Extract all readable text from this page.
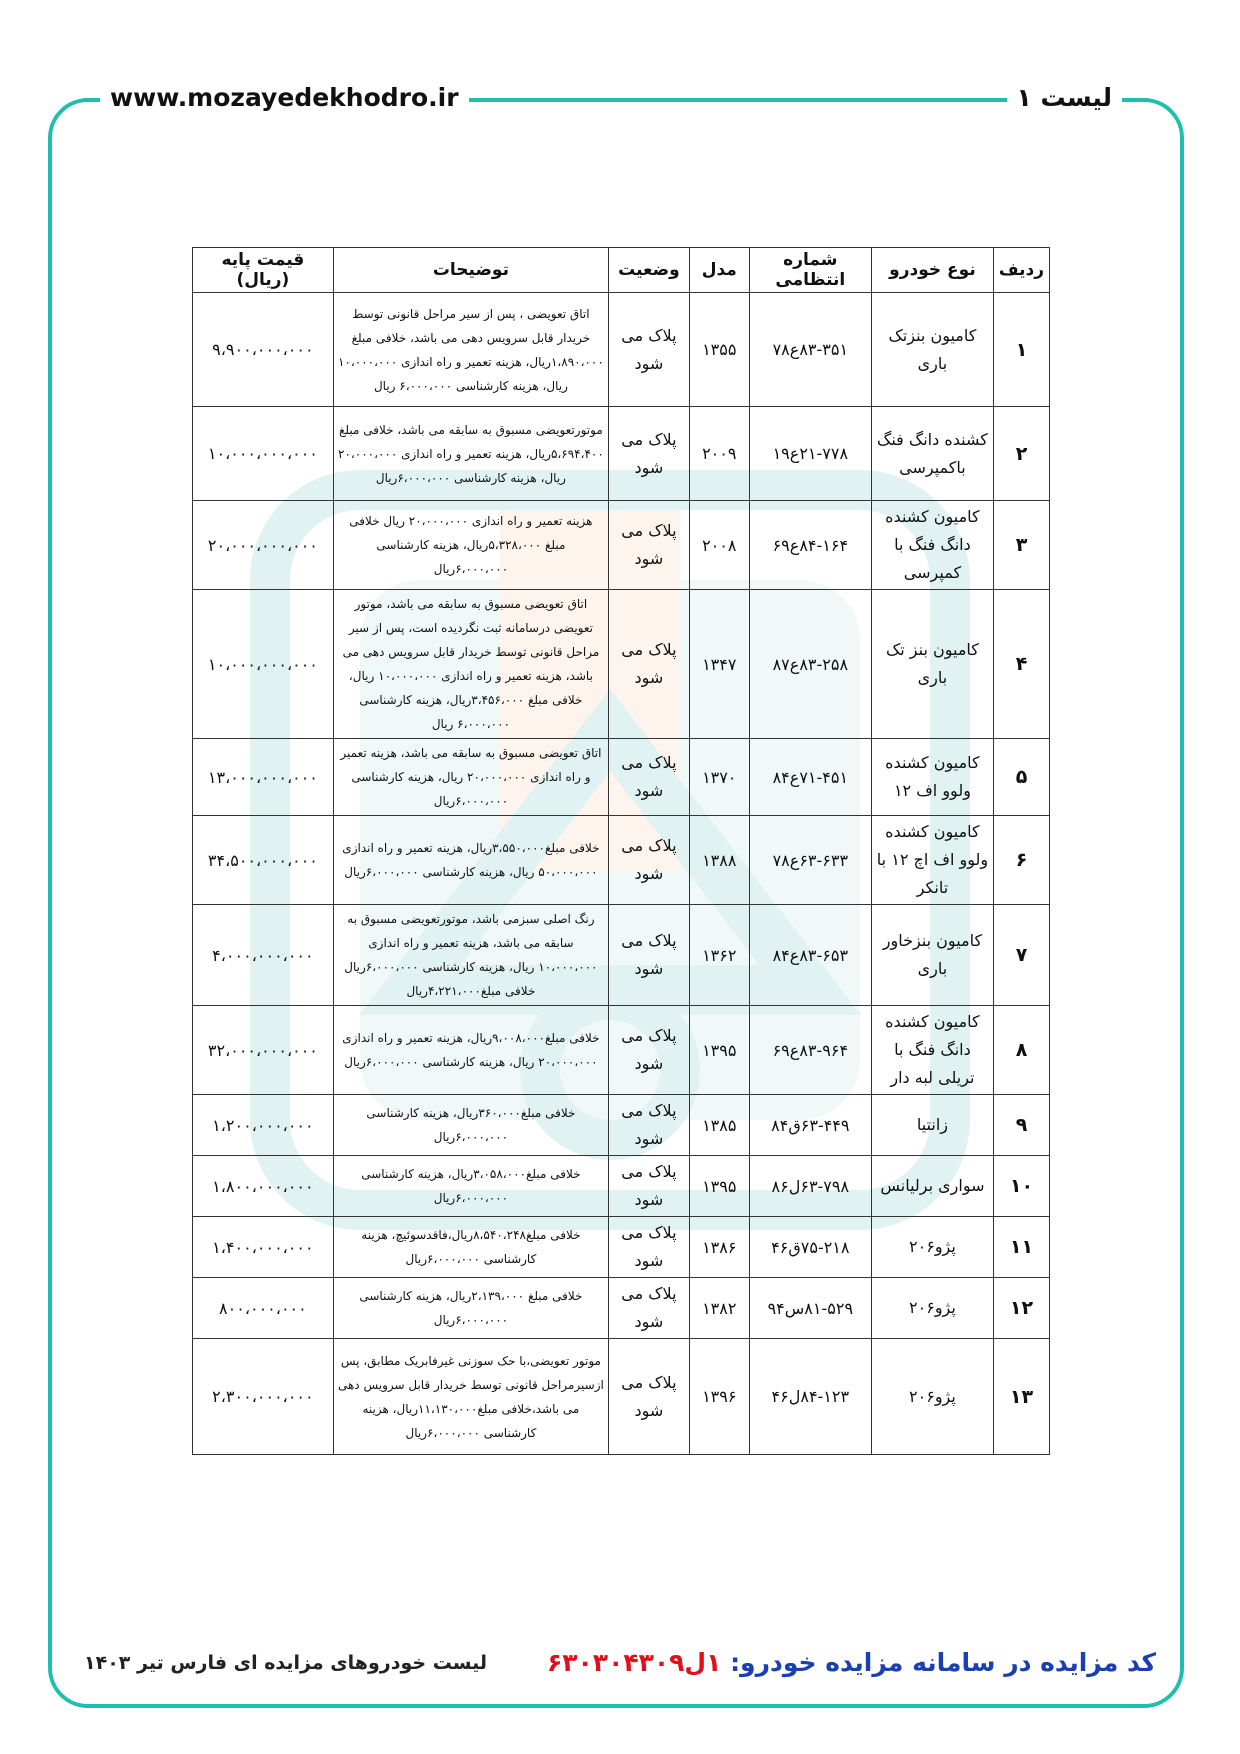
www.mozayedekhodro.ir	لیست ۱
ردیف	نوع خودرو	شماره انتظامی	مدل	وضعیت	توضیحات	قیمت پایه (ریال)
۱	کامیون بنزتک باری	۸۳-۳۵۱ع۷۸	۱۳۵۵	پلاک می شود	اتاق تعویضی ، پس از سیر مراحل قانونی توسط خریدار قابل سرویس دهی می باشد، خلافی مبلغ ۱،۸۹۰،۰۰۰ریال، هزینه تعمیر و راه اندازی ۱۰،۰۰۰،۰۰۰ ریال، هزینه کارشناسی ۶،۰۰۰،۰۰۰ ریال	۹،۹۰۰،۰۰۰،۰۰۰
۲	کشنده دانگ فنگ باکمپرسی	۲۱-۷۷۸ع۱۹	۲۰۰۹	پلاک می شود	موتورتعویضی مسبوق به سابقه می باشد، خلافی مبلغ ۵،۶۹۴،۴۰۰ریال، هزینه تعمیر و راه اندازی ۲۰،۰۰۰،۰۰۰ ریال، هزینه کارشناسی ۶،۰۰۰،۰۰۰ریال	۱۰،۰۰۰،۰۰۰،۰۰۰
۳	کامیون کشنده دانگ فنگ با کمپرسی	۸۴-۱۶۴ع۶۹	۲۰۰۸	پلاک می شود	هزینه تعمیر و راه اندازی ۲۰،۰۰۰،۰۰۰ ریال خلافی مبلغ ۵،۳۲۸،۰۰۰ریال، هزینه کارشناسی ۶،۰۰۰،۰۰۰ریال	۲۰،۰۰۰،۰۰۰،۰۰۰
۴	کامیون بنز تک باری	۸۳-۲۵۸ع۸۷	۱۳۴۷	پلاک می شود	اتاق تعویضی مسبوق به سابقه می باشد، موتور تعویضی درسامانه ثبت نگردیده است، پس از سیر مراحل قانونی توسط خریدار قابل سرویس دهی می باشد، هزینه تعمیر و راه اندازی ۱۰،۰۰۰،۰۰۰ ریال، خلافی مبلغ ۳،۴۵۶،۰۰۰ریال، هزینه کارشناسی ۶،۰۰۰،۰۰۰ ریال	۱۰،۰۰۰،۰۰۰،۰۰۰
۵	کامیون کشنده ولوو اف ۱۲	۷۱-۴۵۱ع۸۴	۱۳۷۰	پلاک می شود	اتاق تعویضی مسبوق به سابقه می باشد، هزینه تعمیر و راه اندازی ۲۰،۰۰۰،۰۰۰ ریال، هزینه کارشناسی ۶،۰۰۰،۰۰۰ریال	۱۳،۰۰۰،۰۰۰،۰۰۰
۶	کامیون کشنده ولوو اف اچ ۱۲ با تانکر	۶۳-۶۳۳ع۷۸	۱۳۸۸	پلاک می شود	خلافی مبلغ۳،۵۵۰،۰۰۰ریال، هزینه تعمیر و راه اندازی ۵۰،۰۰۰،۰۰۰ ریال، هزینه کارشناسی ۶،۰۰۰،۰۰۰ریال	۳۴،۵۰۰،۰۰۰،۰۰۰
۷	کامیون بنزخاور باری	۸۳-۶۵۳ع۸۴	۱۳۶۲	پلاک می شود	رنگ اصلی سبزمی باشد، موتورتعویضی مسبوق به سابقه می باشد، هزینه تعمیر و راه اندازی ۱۰،۰۰۰،۰۰۰ ریال، هزینه کارشناسی ۶،۰۰۰،۰۰۰ریال خلافی مبلغ۴،۲۲۱،۰۰۰ریال	۴،۰۰۰،۰۰۰،۰۰۰
۸	کامیون کشنده دانگ فنگ با تریلی لبه دار	۸۳-۹۶۴ع۶۹	۱۳۹۵	پلاک می شود	خلافی مبلغ۹،۰۰۸،۰۰۰ریال، هزینه تعمیر و راه اندازی ۲۰،۰۰۰،۰۰۰ ریال، هزینه کارشناسی ۶،۰۰۰،۰۰۰ریال	۳۲،۰۰۰،۰۰۰،۰۰۰
۹	زانتیا	۶۳-۴۴۹ق۸۴	۱۳۸۵	پلاک می شود	خلافی مبلغ۳۶۰،۰۰۰ریال، هزینه کارشناسی ۶،۰۰۰،۰۰۰ریال	۱،۲۰۰،۰۰۰،۰۰۰
۱۰	سواری برلیانس	۶۳-۷۹۸ل۸۶	۱۳۹۵	پلاک می شود	خلافی مبلغ۳،۰۵۸،۰۰۰ریال، هزینه کارشناسی ۶،۰۰۰،۰۰۰ریال	۱،۸۰۰،۰۰۰،۰۰۰
۱۱	پژو۲۰۶	۷۵-۲۱۸ق۴۶	۱۳۸۶	پلاک می شود	خلافی مبلغ۸،۵۴۰،۲۴۸ریال،فاقدسوئیچ، هزینه کارشناسی ۶،۰۰۰،۰۰۰ریال	۱،۴۰۰،۰۰۰،۰۰۰
۱۲	پژو۲۰۶	۸۱-۵۲۹س۹۴	۱۳۸۲	پلاک می شود	خلافی مبلغ ۲،۱۳۹،۰۰۰ریال، هزینه کارشناسی ۶،۰۰۰،۰۰۰ریال	۸۰۰،۰۰۰،۰۰۰
۱۳	پژو۲۰۶	۸۴-۱۲۳ل۴۶	۱۳۹۶	پلاک می شود	موتور تعویضی،با حک سوزنی غیرفابریک مطابق، پس ازسیرمراحل قانونی توسط خریدار قابل سرویس دهی می باشد،خلافی مبلغ۱۱،۱۳۰،۰۰۰ریال، هزینه کارشناسی ۶،۰۰۰،۰۰۰ریال	۲،۳۰۰،۰۰۰،۰۰۰
کد مزایده در سامانه مزایده خودرو: ۱ل۶۳۰۳۰۴۳۰۹
لیست خودروهای مزایده ای فارس تیر ۱۴۰۳
